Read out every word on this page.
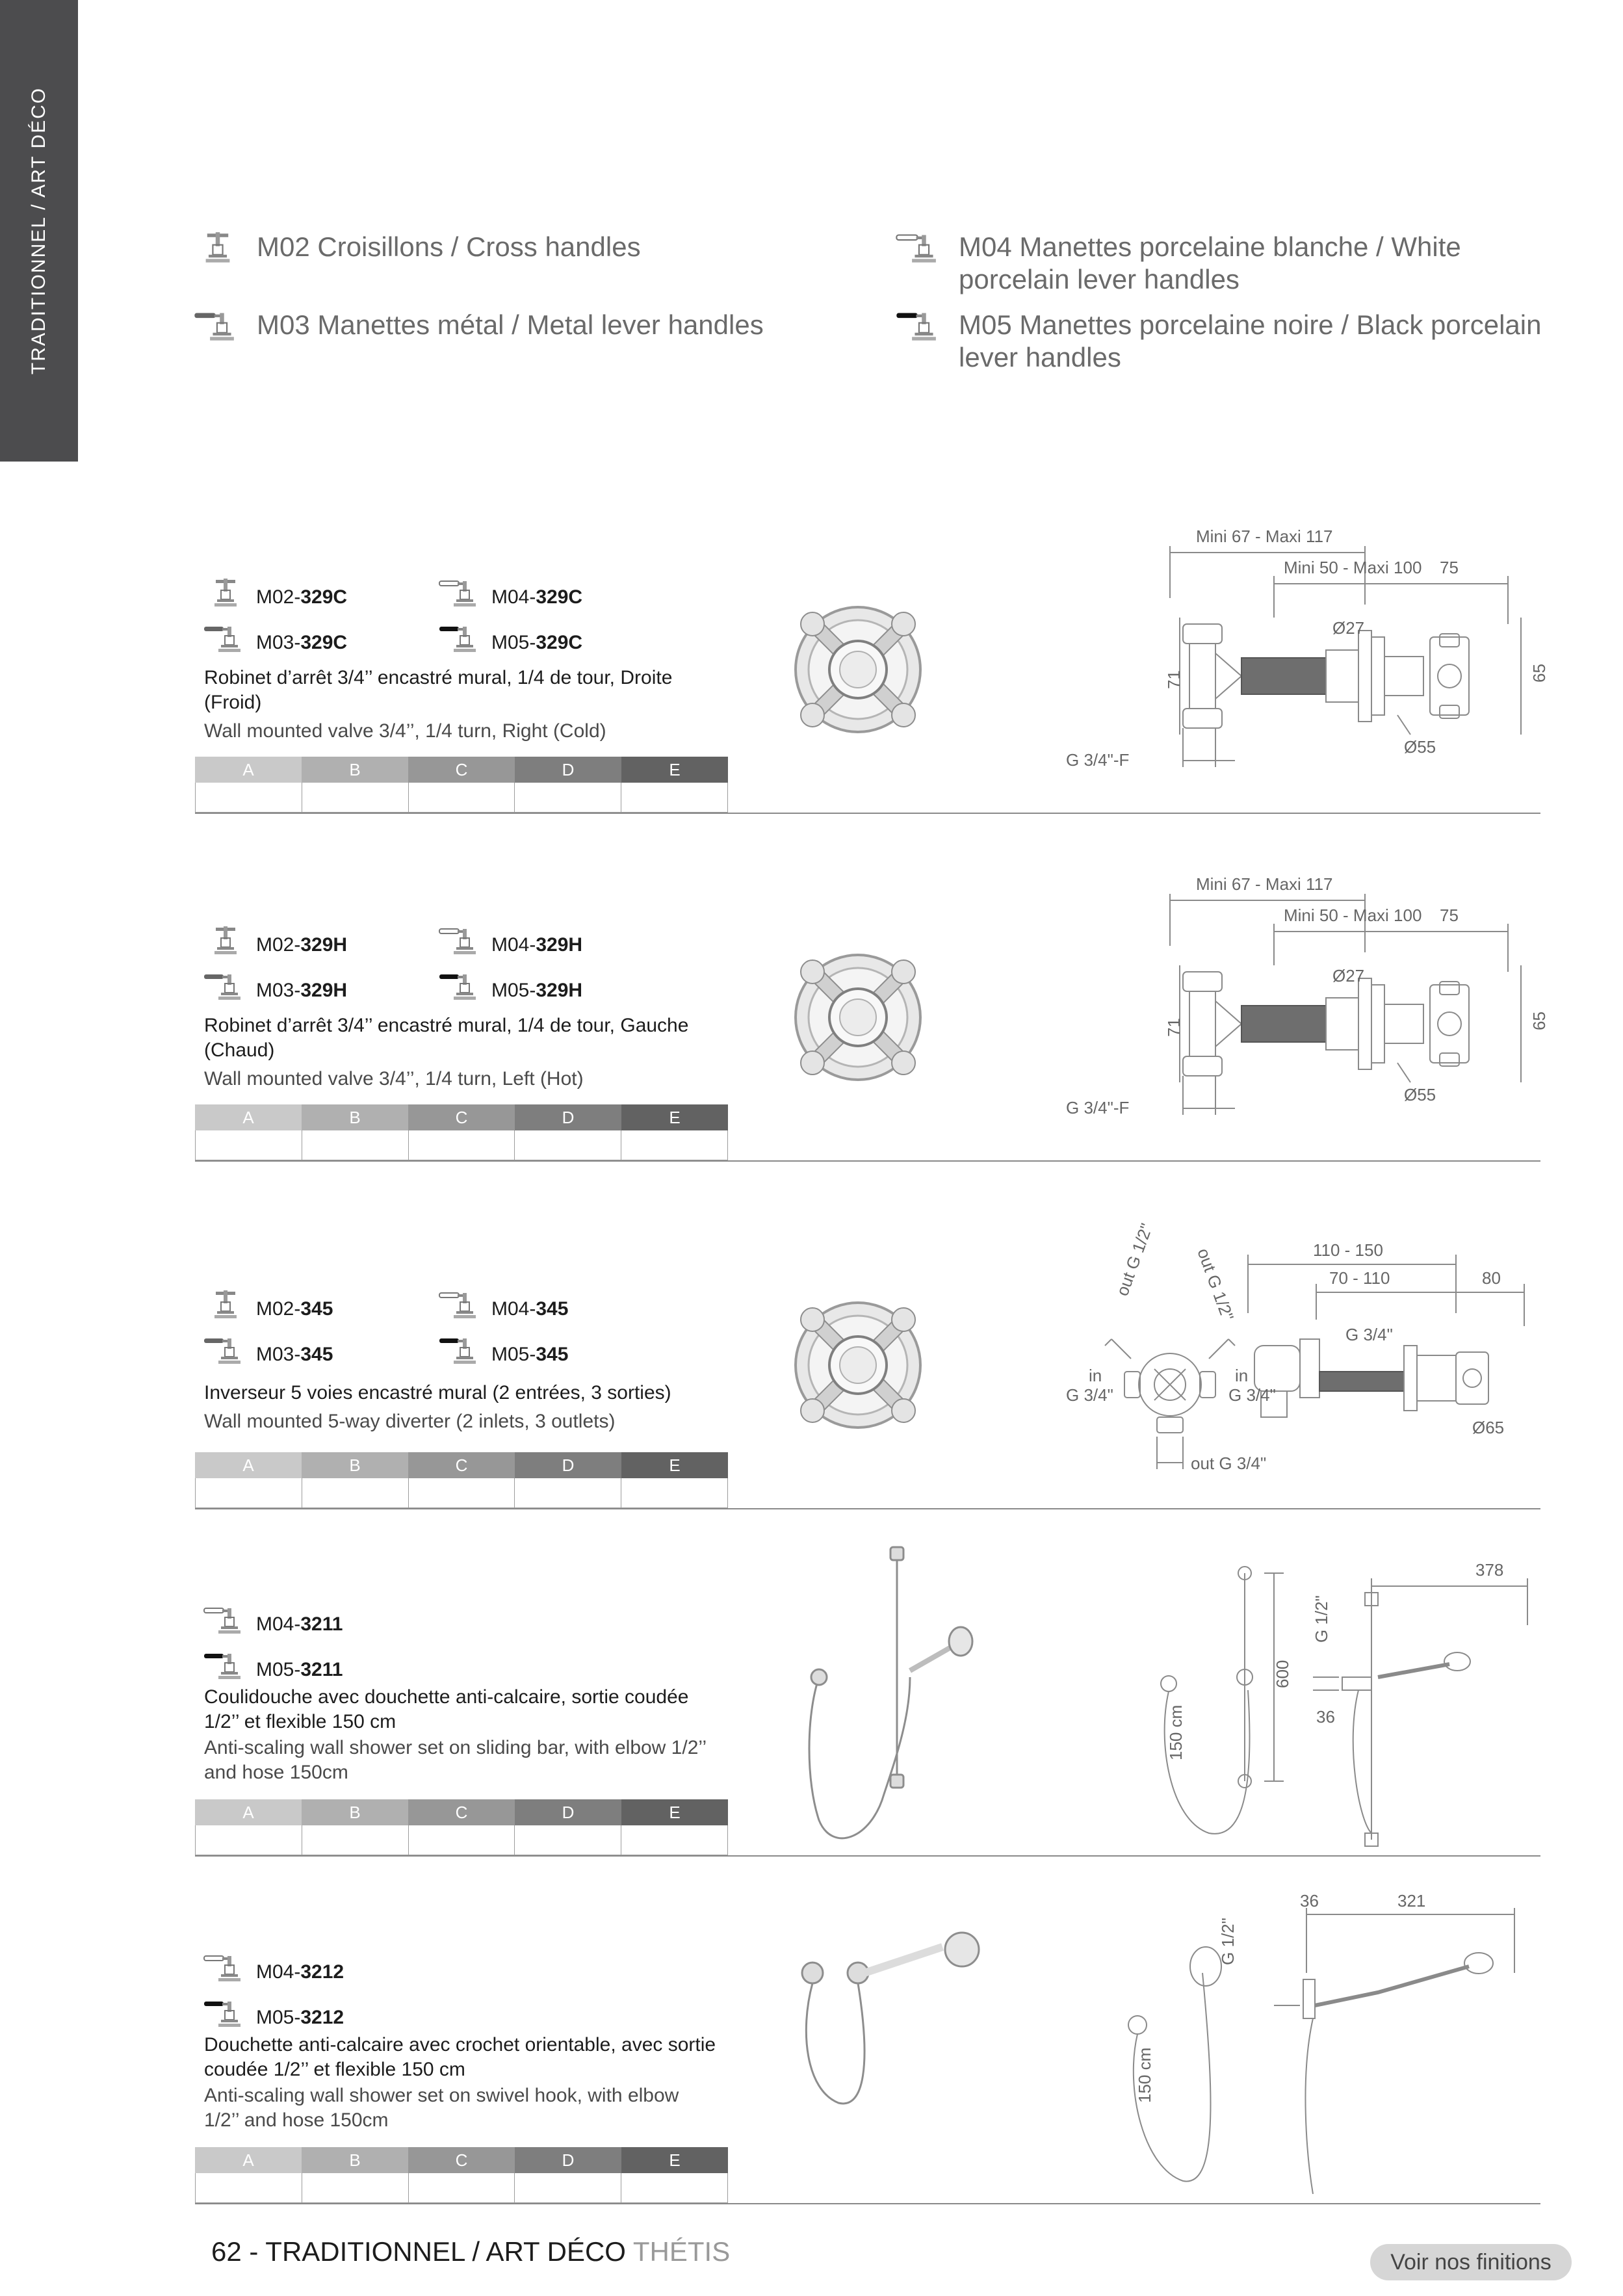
TRADITIONNEL / ART DÉCO	M02 Croisillons / Cross handles
M03 Manettes métal / Metal lever handles
M04 Manettes porcelaine blanche / White porcelain lever handles
M05 Manettes porcelaine noire / Black porcelain lever handles
M02-329C	M04-329C
M03-329C	M05-329C
Robinet d’arrêt 3/4’’ encastré mural, 1/4 de tour, Droite (Froid)
Wall mounted valve 3/4’’, 1/4 turn, Right (Cold)
A	B	C	D	E
Mini 67 - Maxi 117
Mini 50 - Maxi 100 75
Ø27
71	65
Ø55
G 3/4"-F
M02-329H	M04-329H
M03-329H	M05-329H
Robinet d’arrêt 3/4’’ encastré mural, 1/4 de tour, Gauche (Chaud)
Wall mounted valve 3/4’’, 1/4 turn, Left (Hot)
A	B	C	D	E
Mini 67 - Maxi 117
Mini 50 - Maxi 100 75
Ø27
71	65
Ø55
G 3/4"-F
M02-345	M04-345
M03-345	M05-345
Inverseur 5 voies encastré mural (2 entrées, 3 sorties)
Wall mounted 5-way diverter (2 inlets, 3 outlets)
A	B	C	D	E
out G 1/2" out G 1/2"
in
G 3/4"
in
G 3/4"
out G 3/4"
110 - 150
70 - 110	80
G 3/4"
Ø65
M04-3211
M05-3211
Coulidouche avec douchette anti-calcaire, sortie coudée 1/2’’ et flexible 150 cm
Anti-scaling wall shower set on sliding bar, with elbow 1/2’’ and hose 150cm
A	B	C	D	E
150 cm
600
G 1/2"
36
378
M04-3212
M05-3212
Douchette anti-calcaire avec crochet orientable, avec sortie coudée 1/2’’ et flexible 150 cm
Anti-scaling wall shower set on swivel hook, with elbow 1/2’’ and hose 150cm
A	B	C	D	E
150 cm
G 1/2"
36	321
62 - TRADITIONNEL / ART DÉCO THÉTIS	Voir nos finitions
